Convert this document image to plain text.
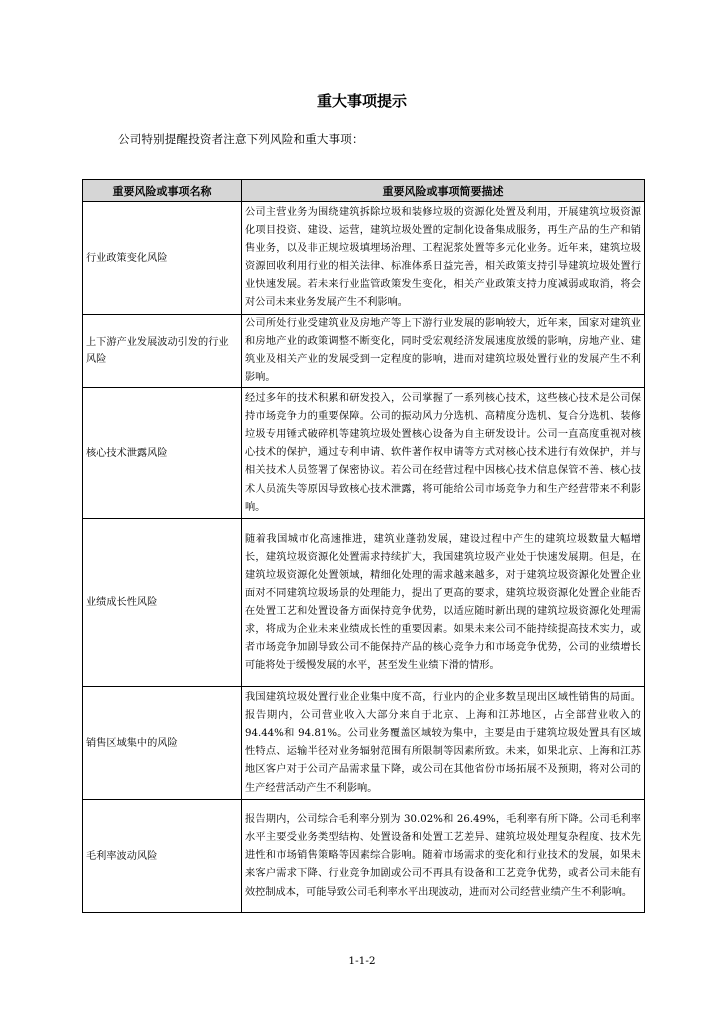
重大事项提示
公司特别提醒投资者注意下列风险和重大事项：
重要风险或事项名称	重要风险或事项简要描述
行业政策变化风险	公司主营业务为围绕建筑拆除垃圾和装修垃圾的资源化处置及利用，开展建筑垃圾资源化项目投资、建设、运营，建筑垃圾处置的定制化设备集成服务，再生产品的生产和销售业务，以及非正规垃圾填埋场治理、工程泥浆处置等多元化业务。近年来，建筑垃圾资源回收利用行业的相关法律、标准体系日益完善，相关政策支持引导建筑垃圾处置行业快速发展。若未来行业监管政策发生变化，相关产业政策支持力度减弱或取消，将会对公司未来业务发展产生不利影响。
上下游产业发展波动引发的行业风险	公司所处行业受建筑业及房地产等上下游行业发展的影响较大，近年来，国家对建筑业和房地产业的政策调整不断变化，同时受宏观经济发展速度放缓的影响，房地产业、建筑业及相关产业的发展受到一定程度的影响，进而对建筑垃圾处置行业的发展产生不利影响。
核心技术泄露风险	经过多年的技术积累和研发投入，公司掌握了一系列核心技术，这些核心技术是公司保持市场竞争力的重要保障。公司的振动风力分选机、高精度分选机、复合分选机、装修垃圾专用锤式破碎机等建筑垃圾处置核心设备为自主研发设计。公司一直高度重视对核心技术的保护，通过专利申请、软件著作权申请等方式对核心技术进行有效保护，并与相关技术人员签署了保密协议。若公司在经营过程中因核心技术信息保管不善、核心技术人员流失等原因导致核心技术泄露，将可能给公司市场竞争力和生产经营带来不利影响。
业绩成长性风险	随着我国城市化高速推进，建筑业蓬勃发展，建设过程中产生的建筑垃圾数量大幅增长，建筑垃圾资源化处置需求持续扩大，我国建筑垃圾产业处于快速发展期。但是，在建筑垃圾资源化处置领域，精细化处理的需求越来越多，对于建筑垃圾资源化处置企业面对不同建筑垃圾场景的处理能力，提出了更高的要求，建筑垃圾资源化处置企业能否在处置工艺和处置设备方面保持竞争优势，以适应随时新出现的建筑垃圾资源化处理需求，将成为企业未来业绩成长性的重要因素。如果未来公司不能持续提高技术实力，或者市场竞争加剧导致公司不能保持产品的核心竞争力和市场竞争优势，公司的业绩增长可能将处于缓慢发展的水平，甚至发生业绩下滑的情形。
销售区域集中的风险	我国建筑垃圾处置行业企业集中度不高，行业内的企业多数呈现出区域性销售的局面。报告期内，公司营业收入大部分来自于北京、上海和江苏地区，占全部营业收入的 94.44%和 94.81%。公司业务覆盖区域较为集中，主要是由于建筑垃圾处置具有区域性特点、运输半径对业务辐射范围有所限制等因素所致。未来，如果北京、上海和江苏地区客户对于公司产品需求量下降，或公司在其他省份市场拓展不及预期，将对公司的生产经营活动产生不利影响。
毛利率波动风险	报告期内，公司综合毛利率分别为 30.02%和 26.49%，毛利率有所下降。公司毛利率水平主要受业务类型结构、处置设备和处置工艺差异、建筑垃圾处理复杂程度、技术先进性和市场销售策略等因素综合影响。随着市场需求的变化和行业技术的发展，如果未来客户需求下降、行业竞争加剧或公司不再具有设备和工艺竞争优势，或者公司未能有效控制成本，可能导致公司毛利率水平出现波动，进而对公司经营业绩产生不利影响。
1-1-2
